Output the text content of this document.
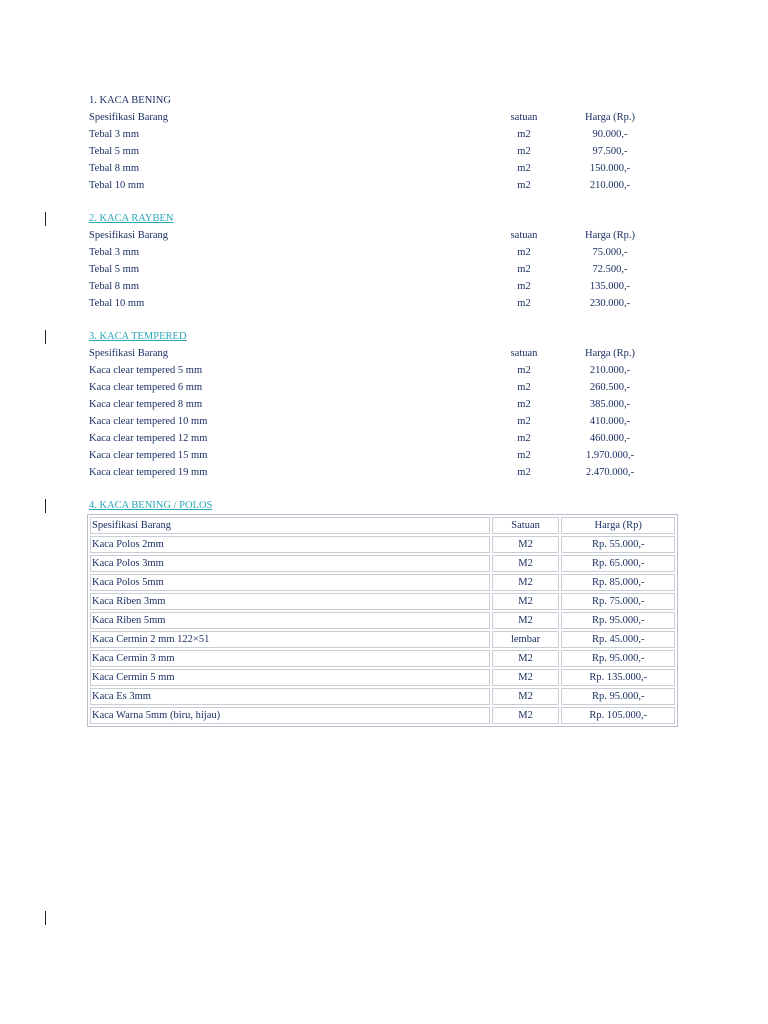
1. KACA BENING
Spesifikasi Barang	satuan	Harga (Rp.)
Tebal 3 mm	m2	90.000,-
Tebal 5 mm	m2	97.500,-
Tebal 8 mm	m2	150.000,-
Tebal 10 mm	m2	210.000,-
2. KACA RAYBEN
Spesifikasi Barang	satuan	Harga (Rp.)
Tebal 3 mm	m2	75.000,-
Tebal 5 mm	m2	72.500,-
Tebal 8 mm	m2	135.000,-
Tebal 10 mm	m2	230.000,-
3. KACA TEMPERED
Spesifikasi Barang	satuan	Harga (Rp.)
Kaca clear tempered 5 mm	m2	210.000,-
Kaca clear tempered 6 mm	m2	260.500,-
Kaca clear tempered 8 mm	m2	385.000,-
Kaca clear tempered 10 mm	m2	410.000,-
Kaca clear tempered 12 mm	m2	460.000,-
Kaca clear tempered 15 mm	m2	1.970.000,-
Kaca clear tempered 19 mm	m2	2.470.000,-
4. KACA BENING / POLOS
Spesifikasi Barang	Satuan	Harga (Rp)
Kaca Polos 2mm	M2	Rp. 55.000,-
Kaca Polos 3mm	M2	Rp. 65.000,-
Kaca Polos 5mm	M2	Rp. 85.000,-
Kaca Riben 3mm	M2	Rp. 75.000,-
Kaca Riben 5mm	M2	Rp. 95.000,-
Kaca Cermin 2 mm 122×51	lembar	Rp. 45.000,-
Kaca Cermin 3 mm	M2	Rp. 95.000,-
Kaca Cermin 5 mm	M2	Rp. 135.000,-
Kaca Es 3mm	M2	Rp. 95.000,-
Kaca Warna 5mm (biru, hijau)	M2	Rp. 105.000,-
